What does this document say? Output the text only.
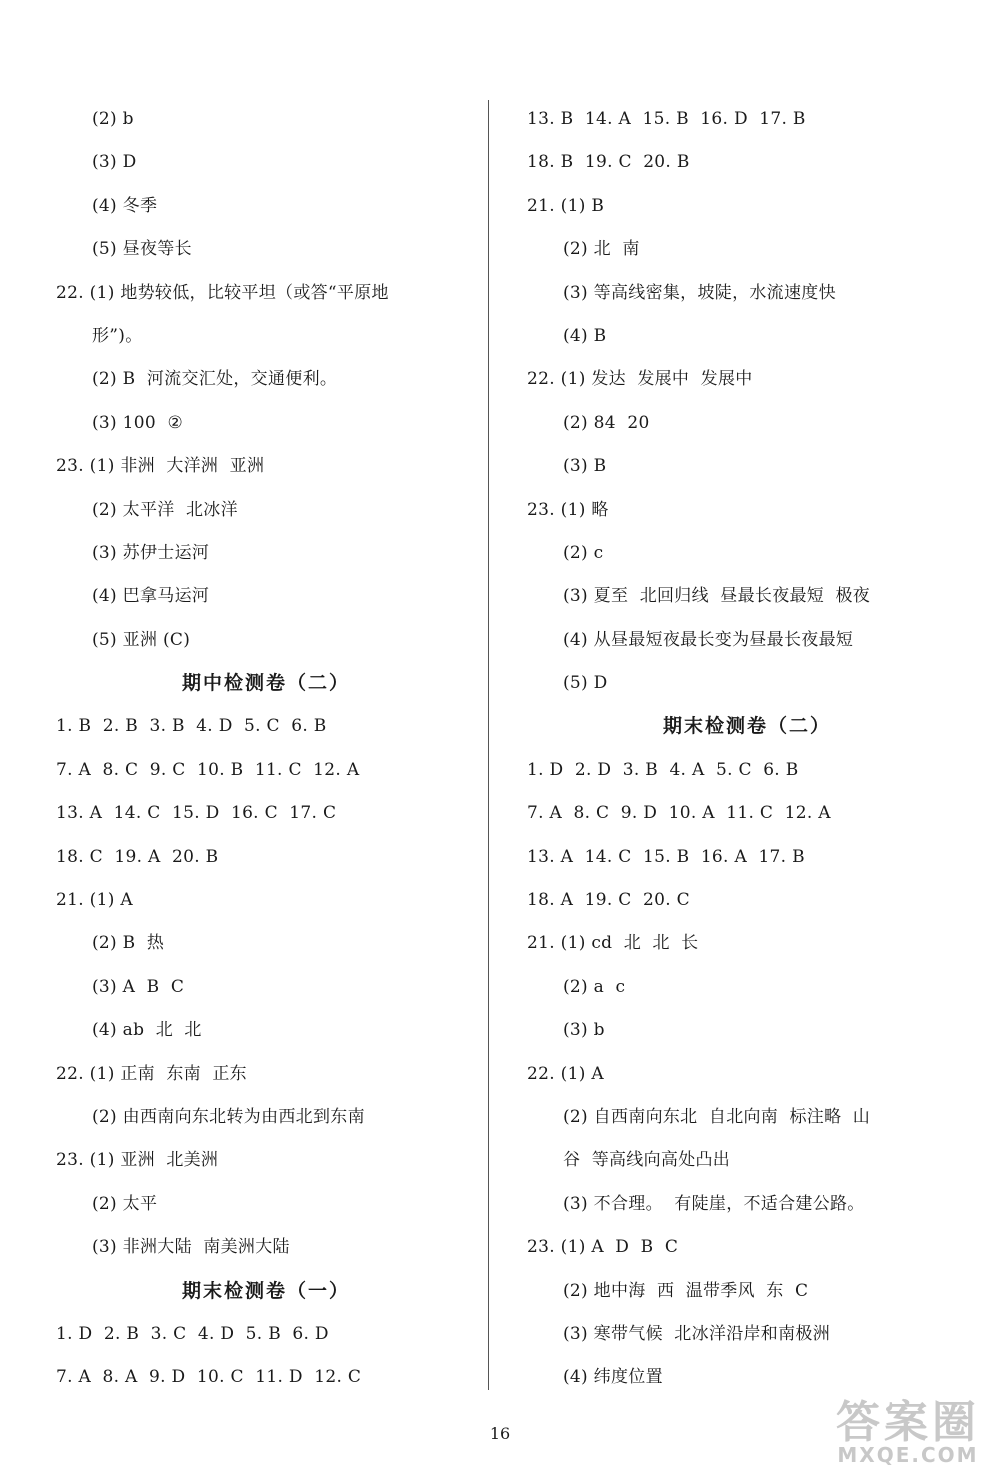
(2) b
(3) D
(4) 冬季
(5) 昼夜等长
22. (1) 地势较低，比较平坦（或答“平原地
形”)。
(2) B  河流交汇处，交通便利。
(3) 100  ②
23. (1) 非洲  大洋洲  亚洲
(2) 太平洋  北冰洋
(3) 苏伊士运河
(4) 巴拿马运河
(5) 亚洲 (C)
期中检测卷（二）
1. B  2. B  3. B  4. D  5. C  6. B
7. A  8. C  9. C  10. B  11. C  12. A
13. A  14. C  15. D  16. C  17. C
18. C  19. A  20. B
21. (1) A
(2) B  热
(3) A  B  C
(4) ab  北  北
22. (1) 正南  东南  正东
(2) 由西南向东北转为由西北到东南
23. (1) 亚洲  北美洲
(2) 太平
(3) 非洲大陆  南美洲大陆
期末检测卷（一）
1. D  2. B  3. C  4. D  5. B  6. D
7. A  8. A  9. D  10. C  11. D  12. C
13. B  14. A  15. B  16. D  17. B
18. B  19. C  20. B
21. (1) B
(2) 北  南
(3) 等高线密集，坡陡，水流速度快
(4) B
22. (1) 发达  发展中  发展中
(2) 84  20
(3) B
23. (1) 略
(2) c
(3) 夏至  北回归线  昼最长夜最短  极夜
(4) 从昼最短夜最长变为昼最长夜最短
(5) D
期末检测卷（二）
1. D  2. D  3. B  4. A  5. C  6. B
7. A  8. C  9. D  10. A  11. C  12. A
13. A  14. C  15. B  16. A  17. B
18. A  19. C  20. C
21. (1) cd  北  北  长
(2) a  c
(3) b
22. (1) A
(2) 自西南向东北  自北向南  标注略  山
谷  等高线向高处凸出
(3) 不合理。  有陡崖，不适合建公路。
23. (1) A  D  B  C
(2) 地中海  西  温带季风  东  C
(3) 寒带气候  北冰洋沿岸和南极洲
(4) 纬度位置
16	答案圈
MXQE.COM
